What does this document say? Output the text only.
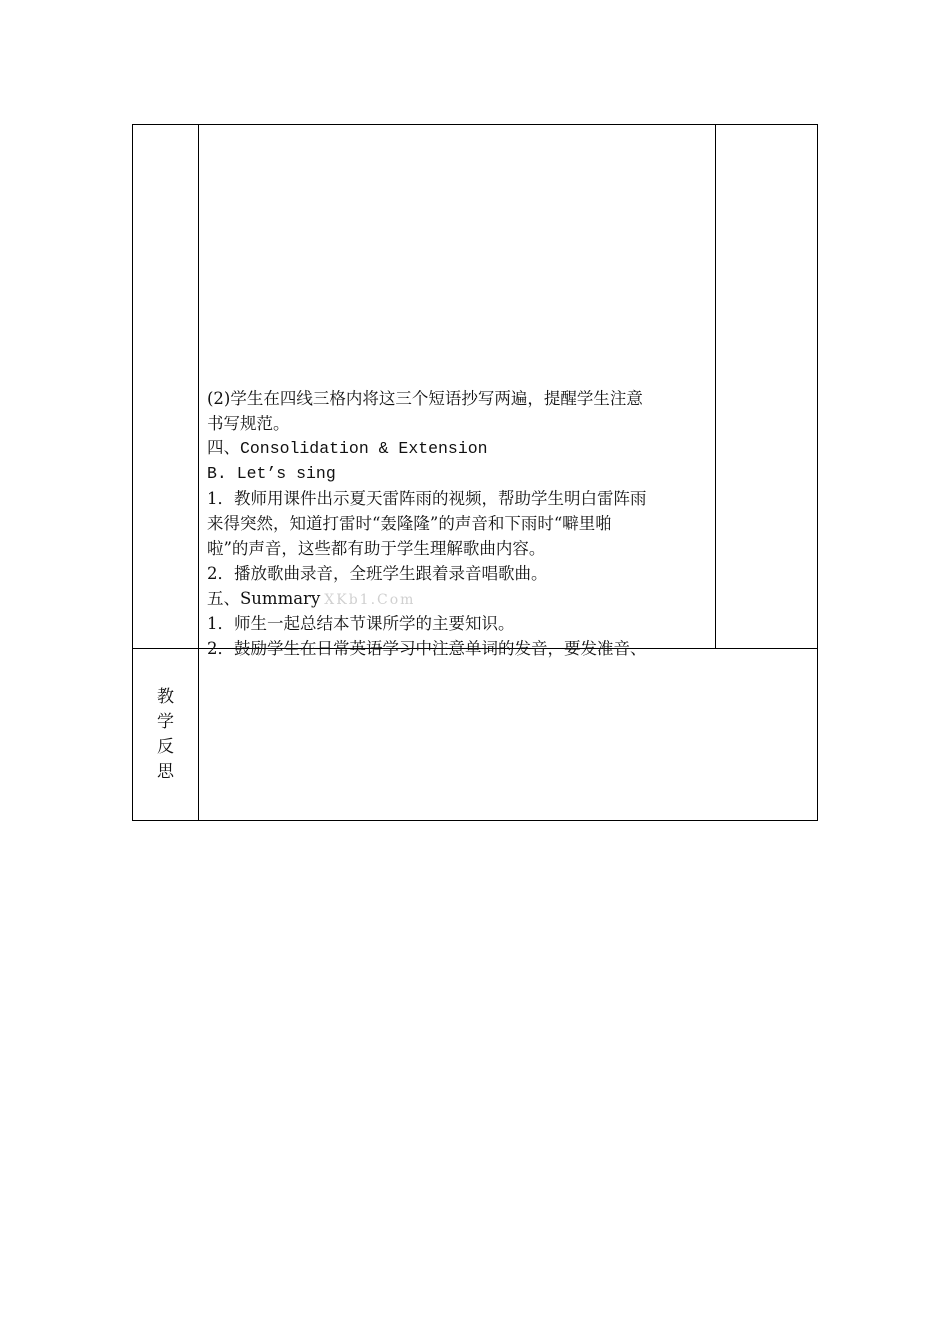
(2)学生在四线三格内将这三个短语抄写两遍，提醒学生注意
书写规范。
四、Consolidation & Extension
B. Let’s sing
1．教师用课件出示夏天雷阵雨的视频，帮助学生明白雷阵雨
来得突然，知道打雷时“轰隆隆”的声音和下雨时“噼里啪
啦”的声音，这些都有助于学生理解歌曲内容。
2．播放歌曲录音，全班学生跟着录音唱歌曲。
五、Summary XKb1.Com
1．师生一起总结本节课所学的主要知识。
2．鼓励学生在日常英语学习中注意单词的发音，要发准音、
教
学
反
思
